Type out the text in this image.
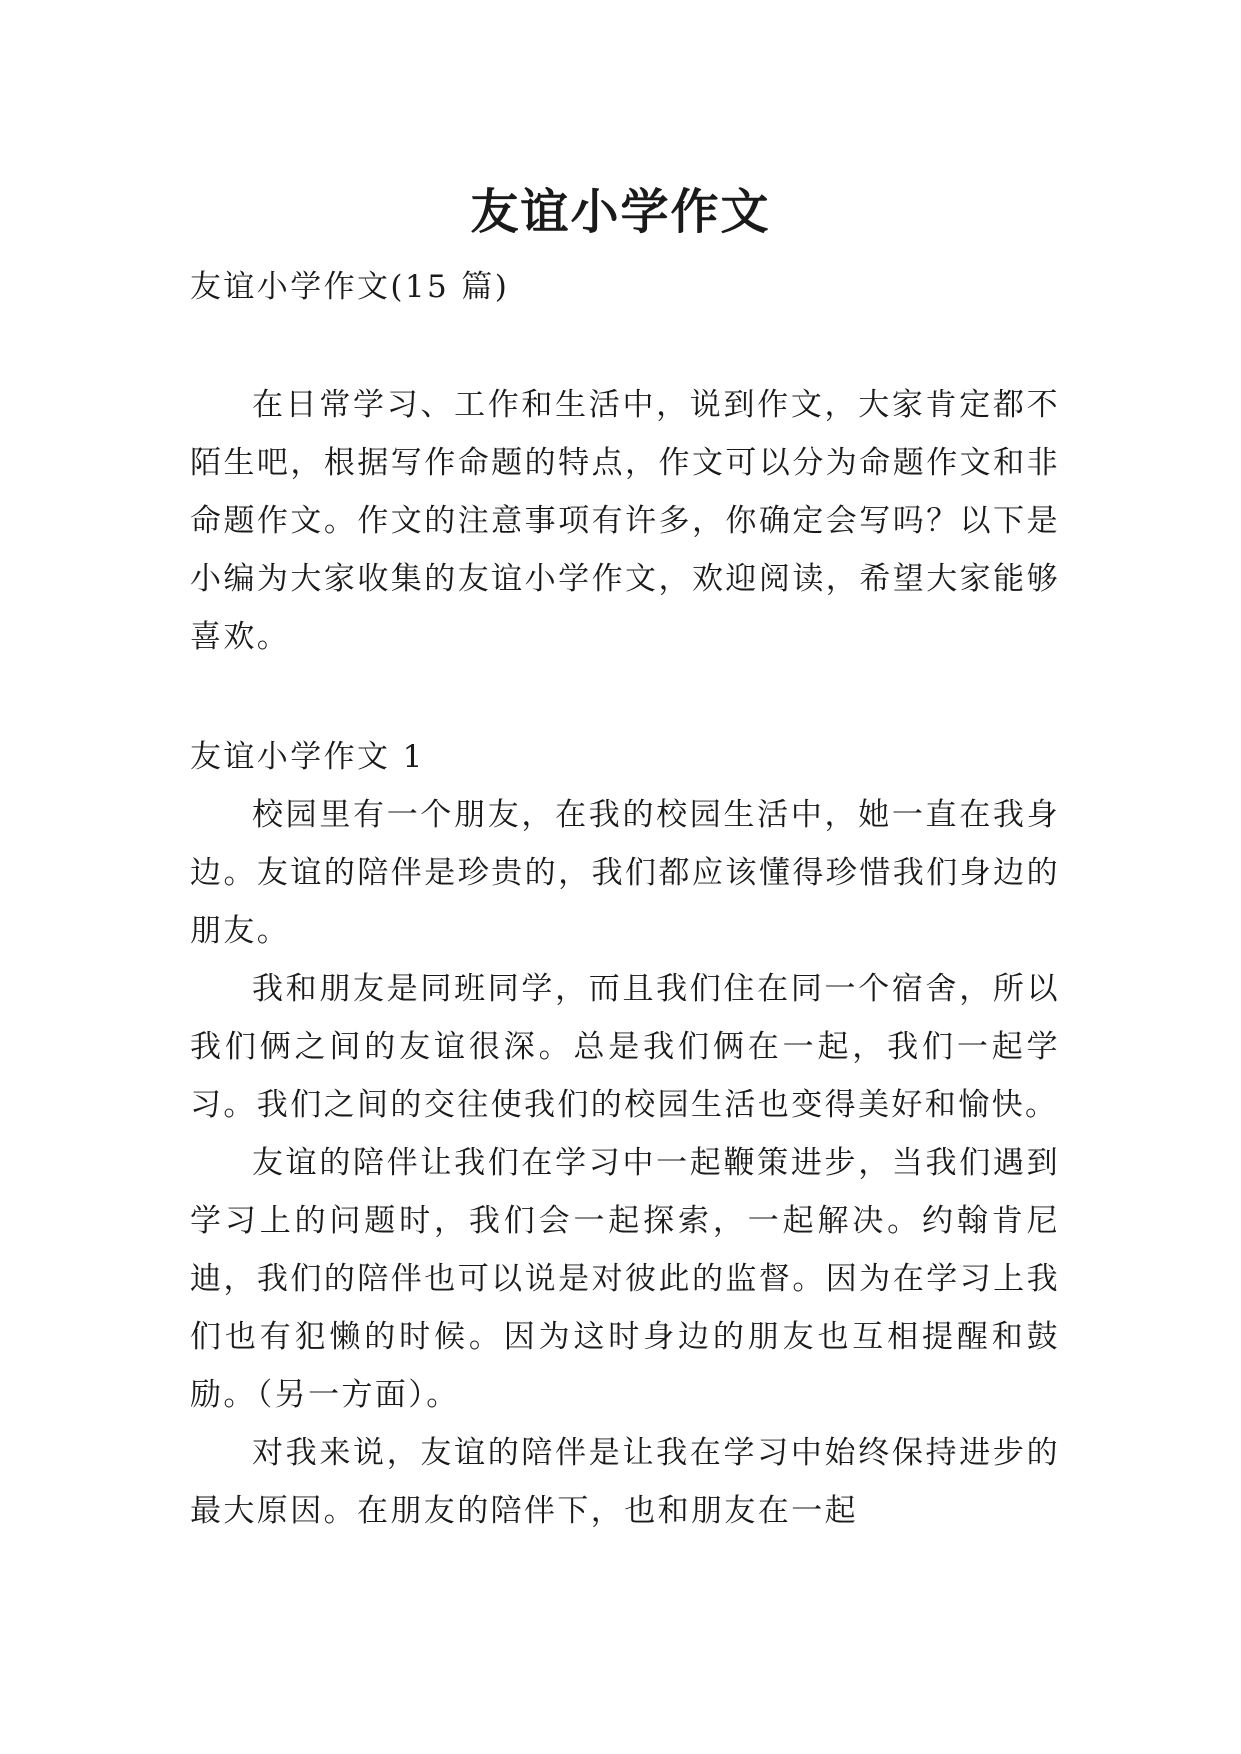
友谊小学作文

友谊小学作文(15 篇)

在日常学习、工作和生活中，说到作文，大家肯定都不陌生吧，根据写作命题的特点，作文可以分为命题作文和非命题作文。作文的注意事项有许多，你确定会写吗？以下是小编为大家收集的友谊小学作文，欢迎阅读，希望大家能够喜欢。

友谊小学作文 1

校园里有一个朋友，在我的校园生活中，她一直在我身边。友谊的陪伴是珍贵的，我们都应该懂得珍惜我们身边的朋友。

我和朋友是同班同学，而且我们住在同一个宿舍，所以我们俩之间的友谊很深。总是我们俩在一起，我们一起学习。我们之间的交往使我们的校园生活也变得美好和愉快。

友谊的陪伴让我们在学习中一起鞭策进步，当我们遇到学习上的问题时，我们会一起探索，一起解决。约翰肯尼迪，我们的陪伴也可以说是对彼此的监督。因为在学习上我们也有犯懒的时候。因为这时身边的朋友也互相提醒和鼓励。（另一方面）。

对我来说，友谊的陪伴是让我在学习中始终保持进步的最大原因。在朋友的陪伴下，也和朋友在一起
